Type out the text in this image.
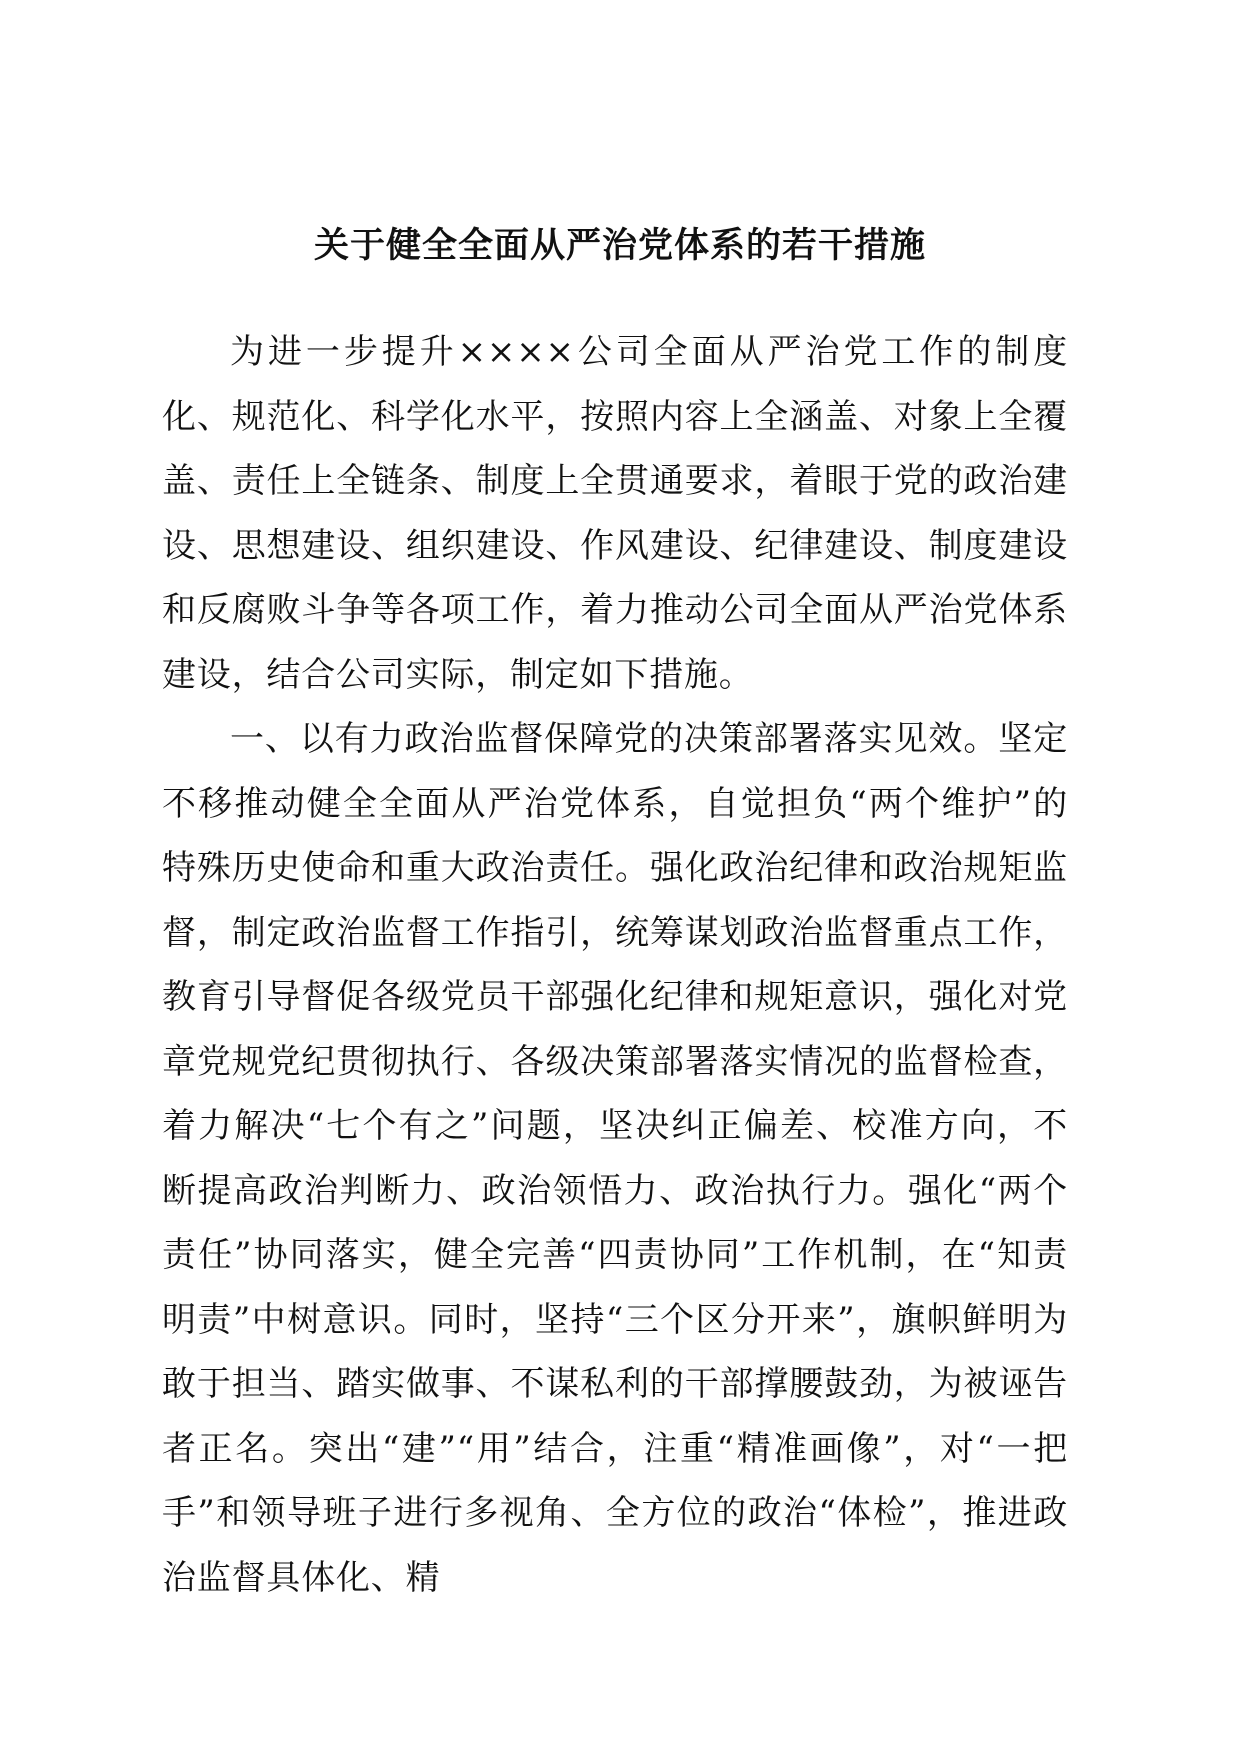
关于健全全面从严治党体系的若干措施

为进一步提升××××公司全面从严治党工作的制度化、规范化、科学化水平，按照内容上全涵盖、对象上全覆盖、责任上全链条、制度上全贯通要求，着眼于党的政治建设、思想建设、组织建设、作风建设、纪律建设、制度建设和反腐败斗争等各项工作，着力推动公司全面从严治党体系建设，结合公司实际，制定如下措施。

一、以有力政治监督保障党的决策部署落实见效。坚定不移推动健全全面从严治党体系，自觉担负“两个维护”的特殊历史使命和重大政治责任。强化政治纪律和政治规矩监督，制定政治监督工作指引，统筹谋划政治监督重点工作，教育引导督促各级党员干部强化纪律和规矩意识，强化对党章党规党纪贯彻执行、各级决策部署落实情况的监督检查，着力解决“七个有之”问题，坚决纠正偏差、校准方向，不断提高政治判断力、政治领悟力、政治执行力。强化“两个责任”协同落实，健全完善“四责协同”工作机制，在“知责明责”中树意识。同时，坚持“三个区分开来”，旗帜鲜明为敢于担当、踏实做事、不谋私利的干部撑腰鼓劲，为被诬告者正名。突出“建”“用”结合，注重“精准画像”，对“一把手”和领导班子进行多视角、全方位的政治“体检”，推进政治监督具体化、精
